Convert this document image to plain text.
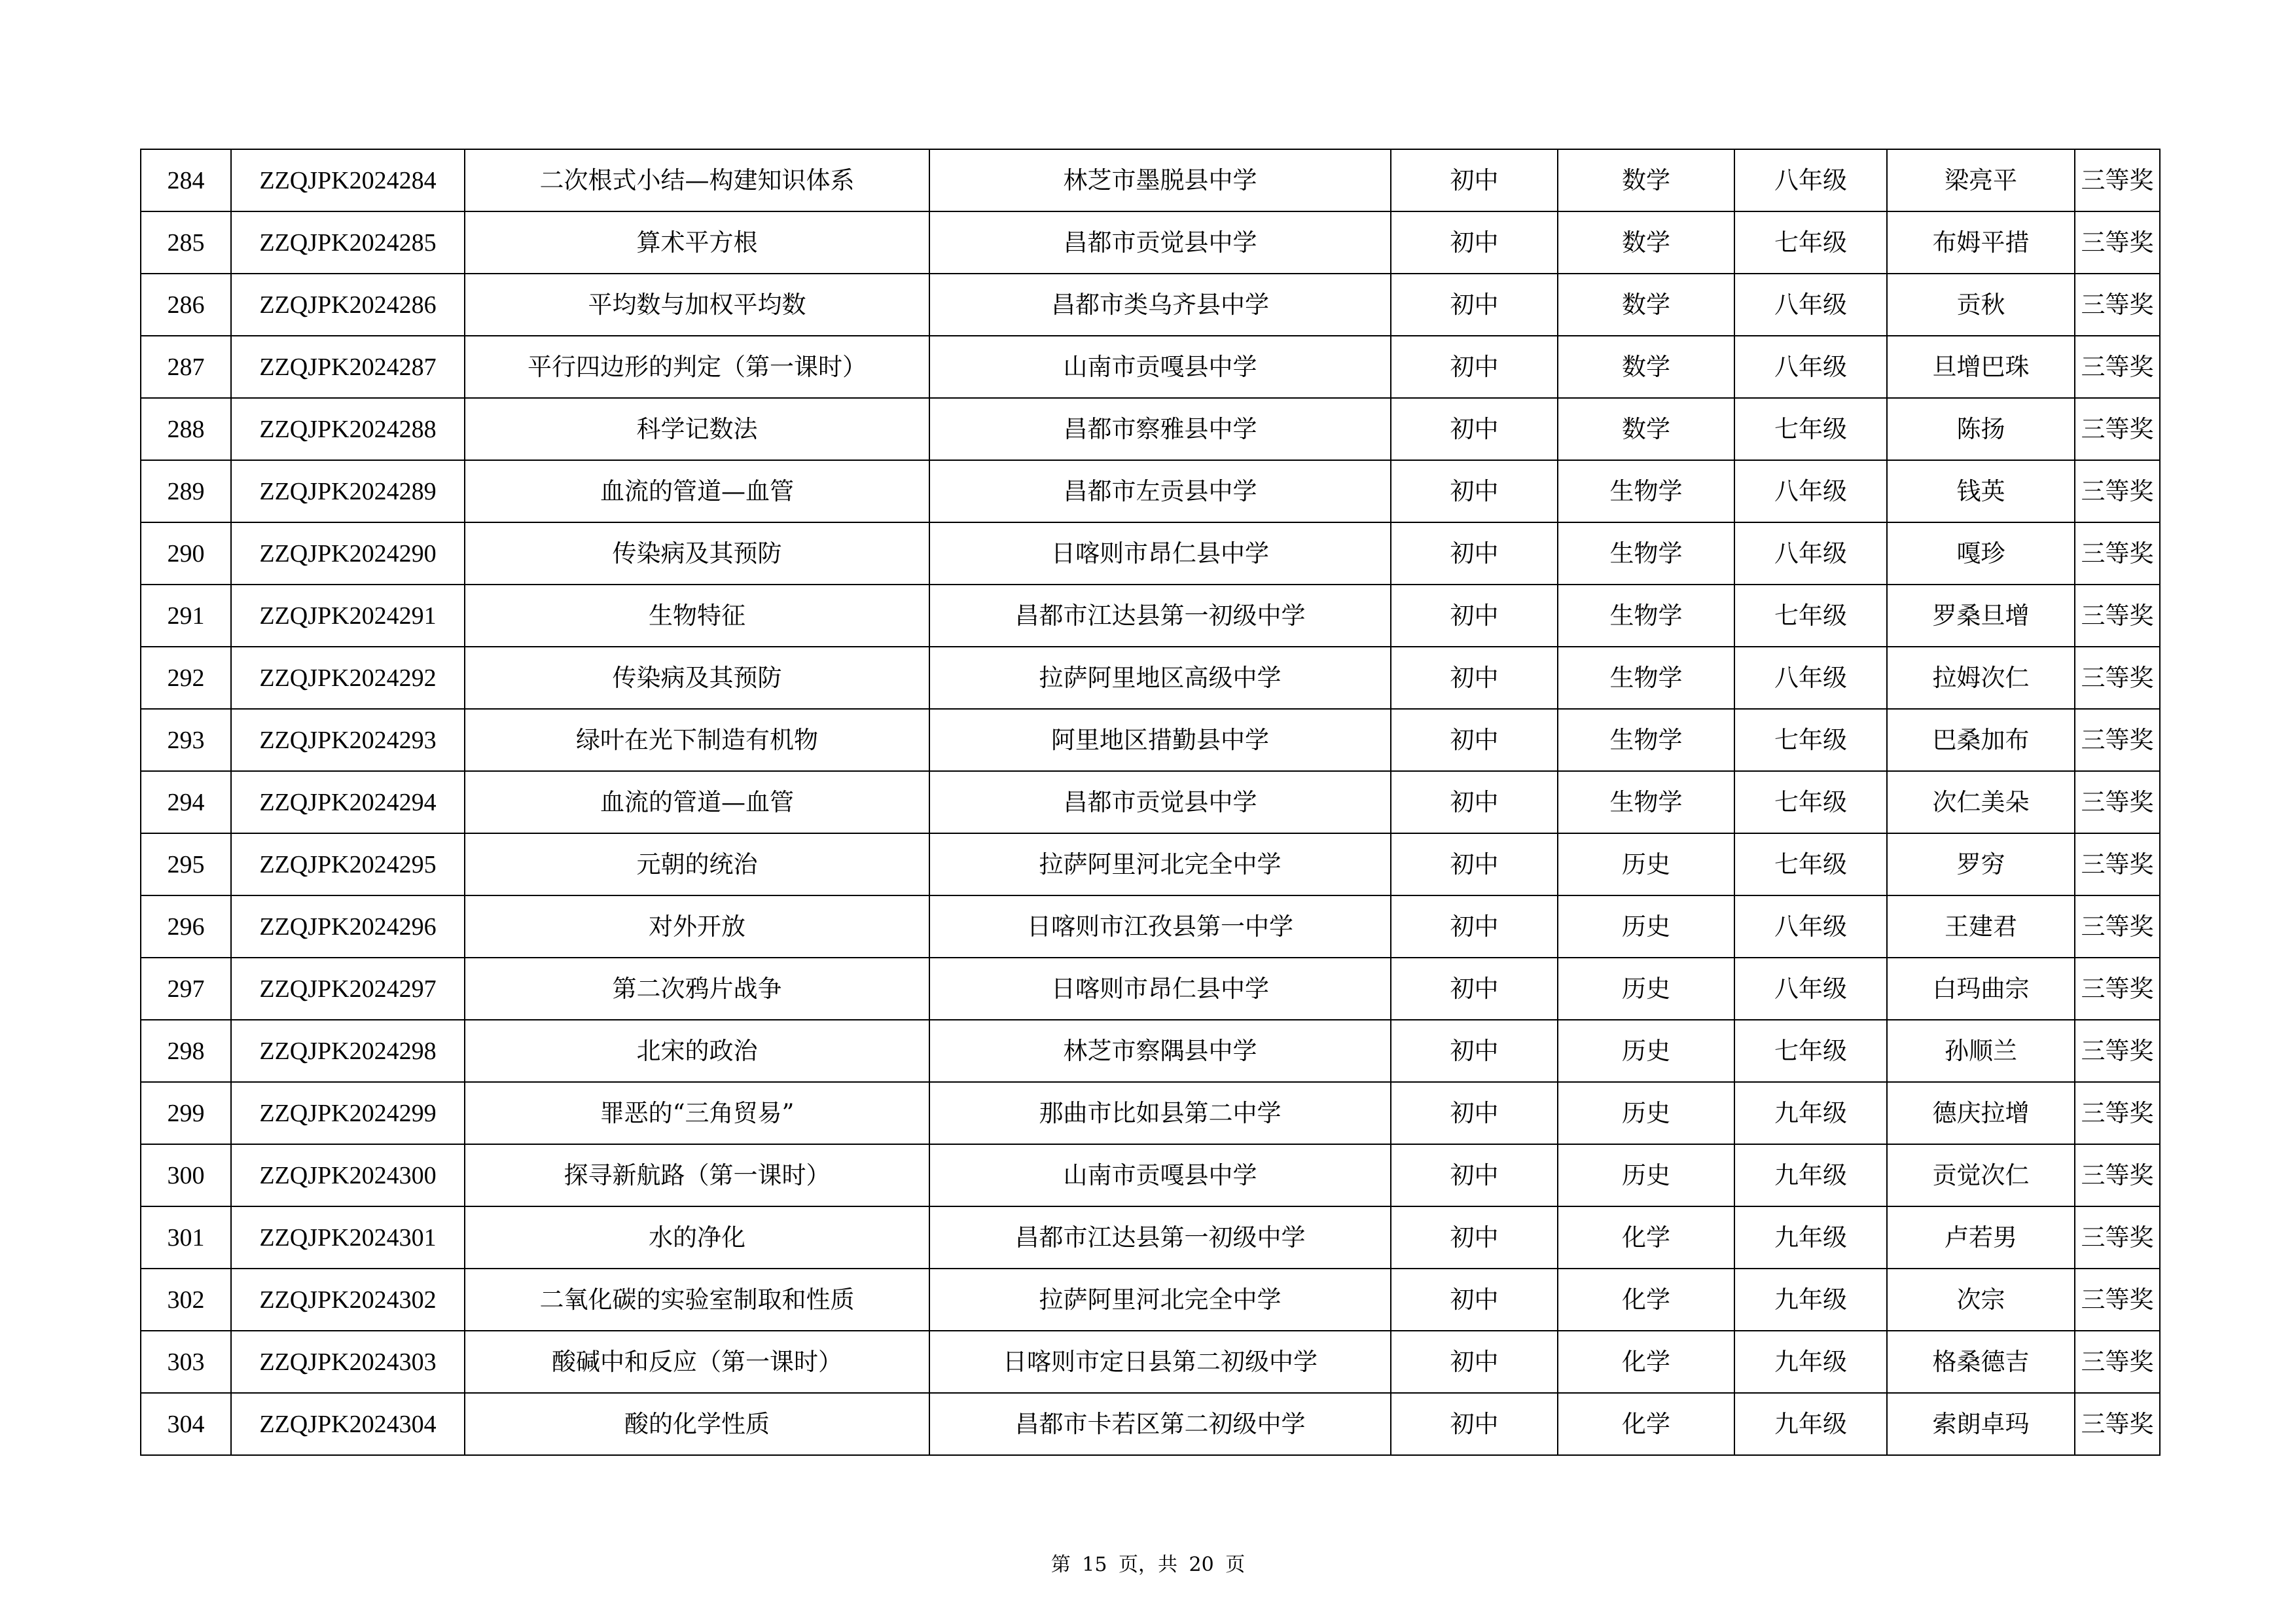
284	ZZQJPK2024284	二次根式小结—构建知识体系	林芝市墨脱县中学	初中	数学	八年级	梁亮平	三等奖
285	ZZQJPK2024285	算术平方根	昌都市贡觉县中学	初中	数学	七年级	布姆平措	三等奖
286	ZZQJPK2024286	平均数与加权平均数	昌都市类乌齐县中学	初中	数学	八年级	贡秋	三等奖
287	ZZQJPK2024287	平行四边形的判定（第一课时）	山南市贡嘎县中学	初中	数学	八年级	旦增巴珠	三等奖
288	ZZQJPK2024288	科学记数法	昌都市察雅县中学	初中	数学	七年级	陈扬	三等奖
289	ZZQJPK2024289	血流的管道—血管	昌都市左贡县中学	初中	生物学	八年级	钱英	三等奖
290	ZZQJPK2024290	传染病及其预防	日喀则市昂仁县中学	初中	生物学	八年级	嘎珍	三等奖
291	ZZQJPK2024291	生物特征	昌都市江达县第一初级中学	初中	生物学	七年级	罗桑旦增	三等奖
292	ZZQJPK2024292	传染病及其预防	拉萨阿里地区高级中学	初中	生物学	八年级	拉姆次仁	三等奖
293	ZZQJPK2024293	绿叶在光下制造有机物	阿里地区措勤县中学	初中	生物学	七年级	巴桑加布	三等奖
294	ZZQJPK2024294	血流的管道—血管	昌都市贡觉县中学	初中	生物学	七年级	次仁美朵	三等奖
295	ZZQJPK2024295	元朝的统治	拉萨阿里河北完全中学	初中	历史	七年级	罗穷	三等奖
296	ZZQJPK2024296	对外开放	日喀则市江孜县第一中学	初中	历史	八年级	王建君	三等奖
297	ZZQJPK2024297	第二次鸦片战争	日喀则市昂仁县中学	初中	历史	八年级	白玛曲宗	三等奖
298	ZZQJPK2024298	北宋的政治	林芝市察隅县中学	初中	历史	七年级	孙顺兰	三等奖
299	ZZQJPK2024299	罪恶的“三角贸易”	那曲市比如县第二中学	初中	历史	九年级	德庆拉增	三等奖
300	ZZQJPK2024300	探寻新航路（第一课时）	山南市贡嘎县中学	初中	历史	九年级	贡觉次仁	三等奖
301	ZZQJPK2024301	水的净化	昌都市江达县第一初级中学	初中	化学	九年级	卢若男	三等奖
302	ZZQJPK2024302	二氧化碳的实验室制取和性质	拉萨阿里河北完全中学	初中	化学	九年级	次宗	三等奖
303	ZZQJPK2024303	酸碱中和反应（第一课时）	日喀则市定日县第二初级中学	初中	化学	九年级	格桑德吉	三等奖
304	ZZQJPK2024304	酸的化学性质	昌都市卡若区第二初级中学	初中	化学	九年级	索朗卓玛	三等奖
第 15 页，共 20 页
